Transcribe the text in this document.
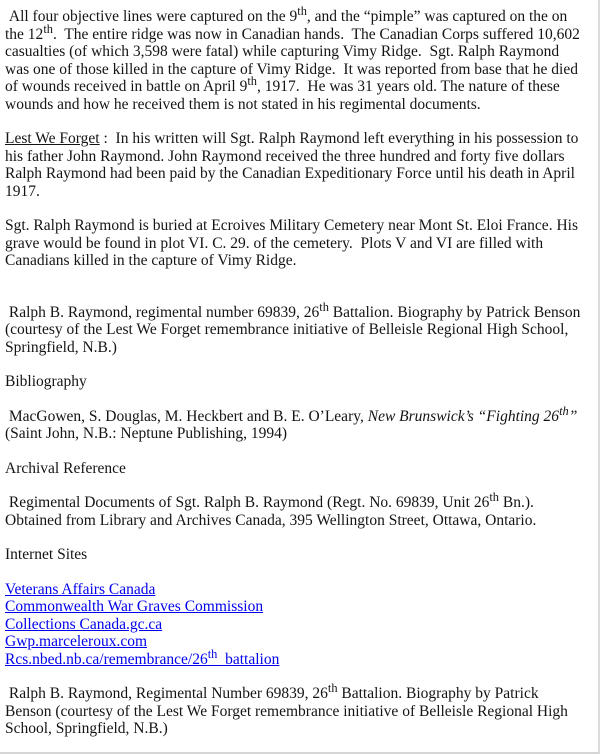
All four objective lines were captured on the 9th, and the “pimple” was captured on the on the 12th.  The entire ridge was now in Canadian hands.  The Canadian Corps suffered 10,602 casualties (of which 3,598 were fatal) while capturing Vimy Ridge.  Sgt. Ralph Raymond was one of those killed in the capture of Vimy Ridge.  It was reported from base that he died of wounds received in battle on April 9th, 1917.  He was 31 years old. The nature of these wounds and how he received them is not stated in his regimental documents.

Lest We Forget :  In his written will Sgt. Ralph Raymond left everything in his possession to his father John Raymond. John Raymond received the three hundred and forty five dollars Ralph Raymond had been paid by the Canadian Expeditionary Force until his death in April 1917.

Sgt. Ralph Raymond is buried at Ecroives Military Cemetery near Mont St. Eloi France. His grave would be found in plot VI. C. 29. of the cemetery.  Plots V and VI are filled with Canadians killed in the capture of Vimy Ridge.

Ralph B. Raymond, regimental number 69839, 26th Battalion. Biography by Patrick Benson (courtesy of the Lest We Forget remembrance initiative of Belleisle Regional High School, Springfield, N.B.)

Bibliography

MacGowen, S. Douglas, M. Heckbert and B. E. O’Leary, New Brunswick’s “Fighting 26th” (Saint John, N.B.: Neptune Publishing, 1994)

Archival Reference

Regimental Documents of Sgt. Ralph B. Raymond (Regt. No. 69839, Unit 26th Bn.). Obtained from Library and Archives Canada, 395 Wellington Street, Ottawa, Ontario.

Internet Sites

Veterans Affairs Canada
Commonwealth War Graves Commission
Collections Canada.gc.ca
Gwp.marceleroux.com
Rcs.nbed.nb.ca/remembrance/26th_battalion

Ralph B. Raymond, Regimental Number 69839, 26th Battalion. Biography by Patrick Benson (courtesy of the Lest We Forget remembrance initiative of Belleisle Regional High School, Springfield, N.B.)
